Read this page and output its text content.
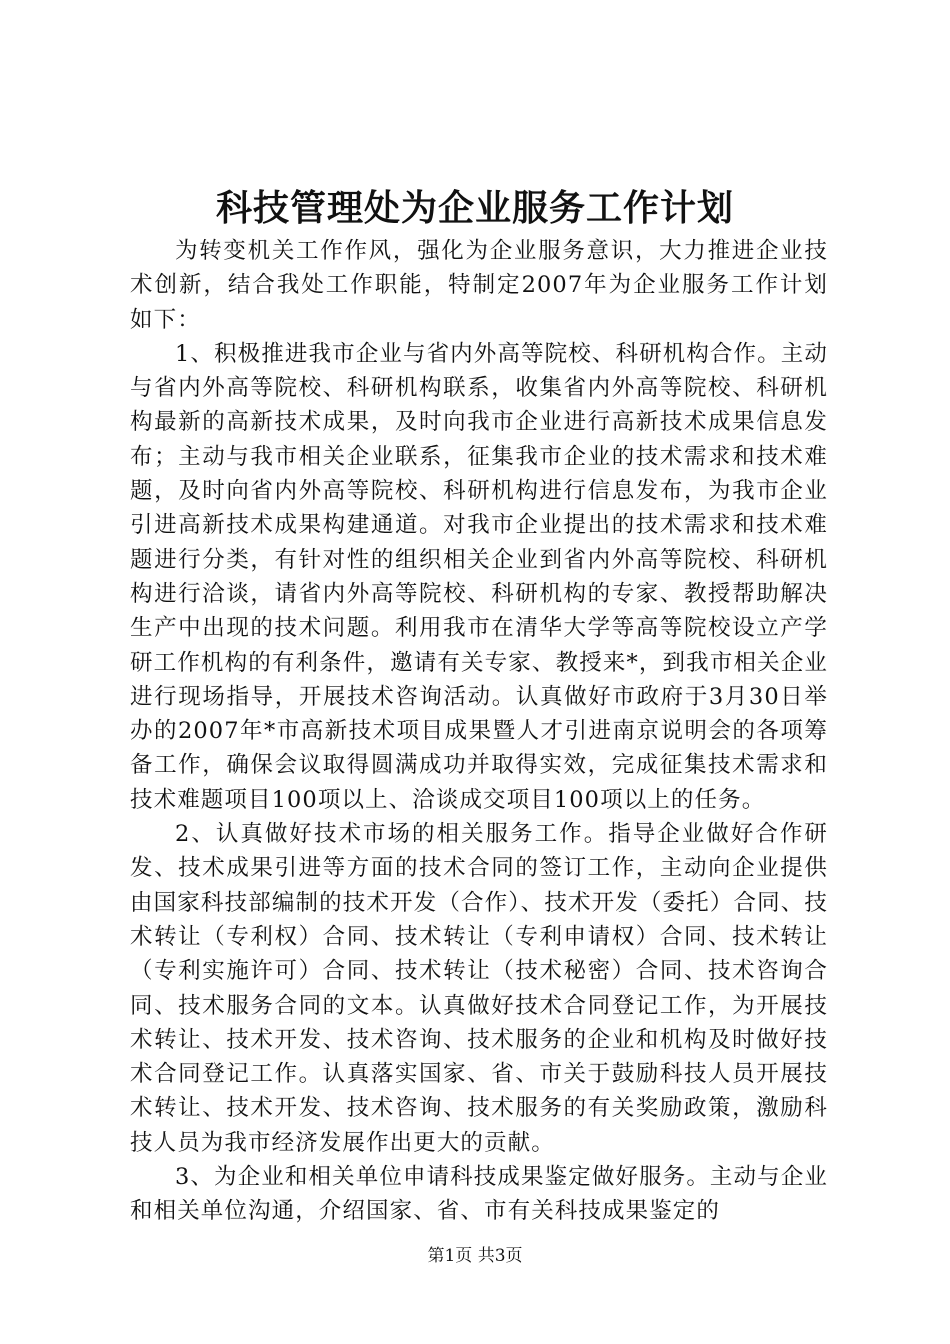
科技管理处为企业服务工作计划

为转变机关工作作风，强化为企业服务意识，大力推进企业技术创新，结合我处工作职能，特制定2007年为企业服务工作计划如下：

1、积极推进我市企业与省内外高等院校、科研机构合作。主动与省内外高等院校、科研机构联系，收集省内外高等院校、科研机构最新的高新技术成果，及时向我市企业进行高新技术成果信息发布；主动与我市相关企业联系，征集我市企业的技术需求和技术难题，及时向省内外高等院校、科研机构进行信息发布，为我市企业引进高新技术成果构建通道。对我市企业提出的技术需求和技术难题进行分类，有针对性的组织相关企业到省内外高等院校、科研机构进行洽谈，请省内外高等院校、科研机构的专家、教授帮助解决生产中出现的技术问题。利用我市在清华大学等高等院校设立产学研工作机构的有利条件，邀请有关专家、教授来*，到我市相关企业进行现场指导，开展技术咨询活动。认真做好市政府于3月30日举办的2007年*市高新技术项目成果暨人才引进南京说明会的各项筹备工作，确保会议取得圆满成功并取得实效，完成征集技术需求和技术难题项目100项以上、洽谈成交项目100项以上的任务。

2、认真做好技术市场的相关服务工作。指导企业做好合作研发、技术成果引进等方面的技术合同的签订工作，主动向企业提供由国家科技部编制的技术开发（合作）、技术开发（委托）合同、技术转让（专利权）合同、技术转让（专利申请权）合同、技术转让（专利实施许可）合同、技术转让（技术秘密）合同、技术咨询合同、技术服务合同的文本。认真做好技术合同登记工作，为开展技术转让、技术开发、技术咨询、技术服务的企业和机构及时做好技术合同登记工作。认真落实国家、省、市关于鼓励科技人员开展技术转让、技术开发、技术咨询、技术服务的有关奖励政策，激励科技人员为我市经济发展作出更大的贡献。

3、为企业和相关单位申请科技成果鉴定做好服务。主动与企业和相关单位沟通，介绍国家、省、市有关科技成果鉴定的

第1页 共3页
